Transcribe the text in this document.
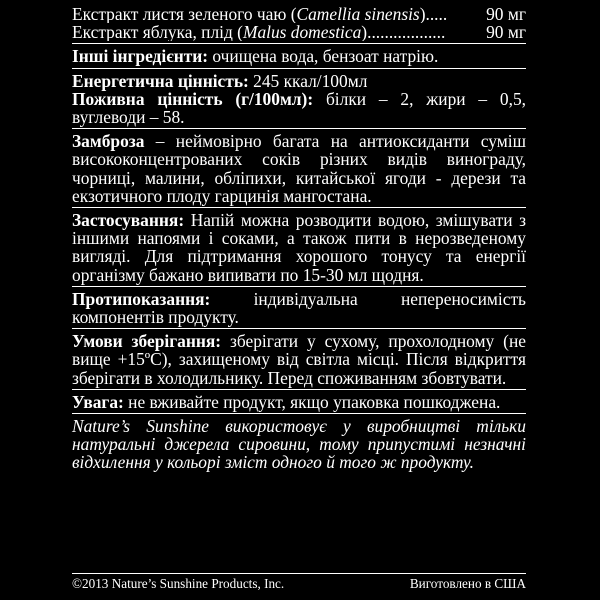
Екстракт листя зеленого чаю (Camellia sinensis) .....	90 мг
Екстракт яблука, плід (Malus domestica) ..................	90 мг
Інші інгредієнти: очищена вода, бензоат натрію.
Енергетична цінність: 245 ккал/100мл
Поживна цінність (г/100мл): білки – 2, жири – 0,5, вуглеводи – 58.
Замброза – неймовірно багата на антиоксиданти суміш висококонцентрованих соків різних видів винограду, чорниці, малини, обліпихи, китайської ягоди - дерези та екзотичного плоду гарцинія мангостана.
Застосування: Напій можна розводити водою, змішувати з іншими напоями і соками, а також пити в нерозведеному вигляді. Для підтримання хорошого тонусу та енергії організму бажано випивати по 15-30 мл щодня.
Протипоказання: індивідуальна непереносимість компонентів продукту.
Умови зберігання: зберігати у сухому, прохолодному (не вище +15ºС), захищеному від світла місці. Після відкриття зберігати в холодильнику. Перед споживанням збовтувати.
Увага: не вживайте продукт, якщо упаковка пошкоджена.
Nature’s Sunshine використовує у виробництві тільки натуральні джерела сировини, тому припустимі незначні відхилення у кольорі зміст одного й того ж продукту.
©2013 Nature’s Sunshine Products, Inc.	Виготовлено в США
